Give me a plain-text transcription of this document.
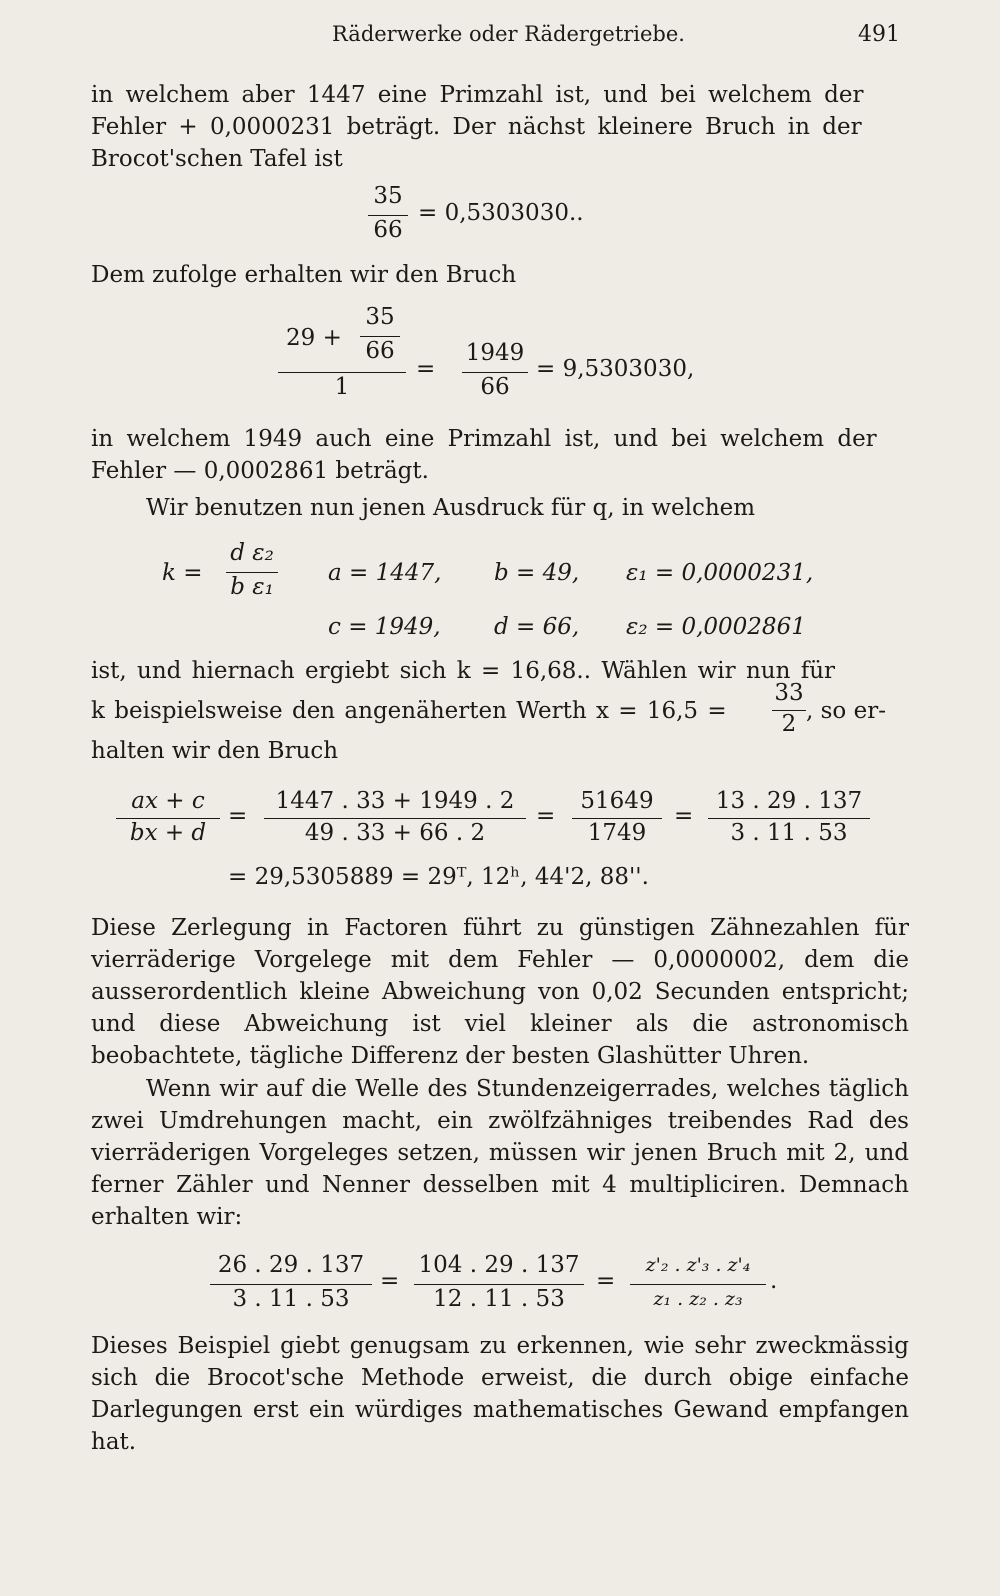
Räderwerke oder Rädergetriebe.	491
in welchem aber 1447 eine Primzahl ist, und bei welchem der
Fehler + 0,0000231 beträgt. Der nächst kleinere Bruch in der
Brocot'schen Tafel ist
35
66
= 0,5303030..
Dem zufolge erhalten wir den Bruch
29 +
35
66
1
=
1949
66
= 9,5303030,
in welchem 1949 auch eine Primzahl ist, und bei welchem der
Fehler — 0,0002861 beträgt.
Wir benutzen nun jenen Ausdruck für q, in welchem
k =
d ε₂
b ε₁
a = 1447, b = 49, ε₁ = 0,0000231,
c = 1949, d = 66, ε₂ = 0,0002861
ist, und hiernach ergiebt sich k = 16,68.. Wählen wir nun für
k beispielsweise den angenäherten Werth x = 16,5 =
33
2 , so er-
halten wir den Bruch
ax + c
bx + d
=
1447 . 33 + 1949 . 2
49 . 33 + 66 . 2
=
51649
1749
=
13 . 29 . 137
3 . 11 . 53
= 29,5305889 = 29ᵀ, 12ʰ, 44'2, 88''.
Diese Zerlegung in Factoren führt zu günstigen Zähnezahlen für vierräderige Vorgelege mit dem Fehler — 0,0000002, dem die ausserordentlich kleine Abweichung von 0,02 Secunden entspricht; und diese Abweichung ist viel kleiner als die astronomisch beobachtete, tägliche Differenz der besten Glashütter Uhren.
Wenn wir auf die Welle des Stundenzeigerrades, welches täglich zwei Umdrehungen macht, ein zwölfzähniges treibendes Rad des vierräderigen Vorgeleges setzen, müssen wir jenen Bruch mit 2, und ferner Zähler und Nenner desselben mit 4 multipliciren. Demnach erhalten wir:
26 . 29 . 137
3 . 11 . 53
=
104 . 29 . 137
12 . 11 . 53
=
z'₂ . z'₃ . z'₄
z₁ . z₂ . z₃
.
Dieses Beispiel giebt genugsam zu erkennen, wie sehr zweckmässig sich die Brocot'sche Methode erweist, die durch obige einfache Darlegungen erst ein würdiges mathematisches Gewand empfangen hat.
